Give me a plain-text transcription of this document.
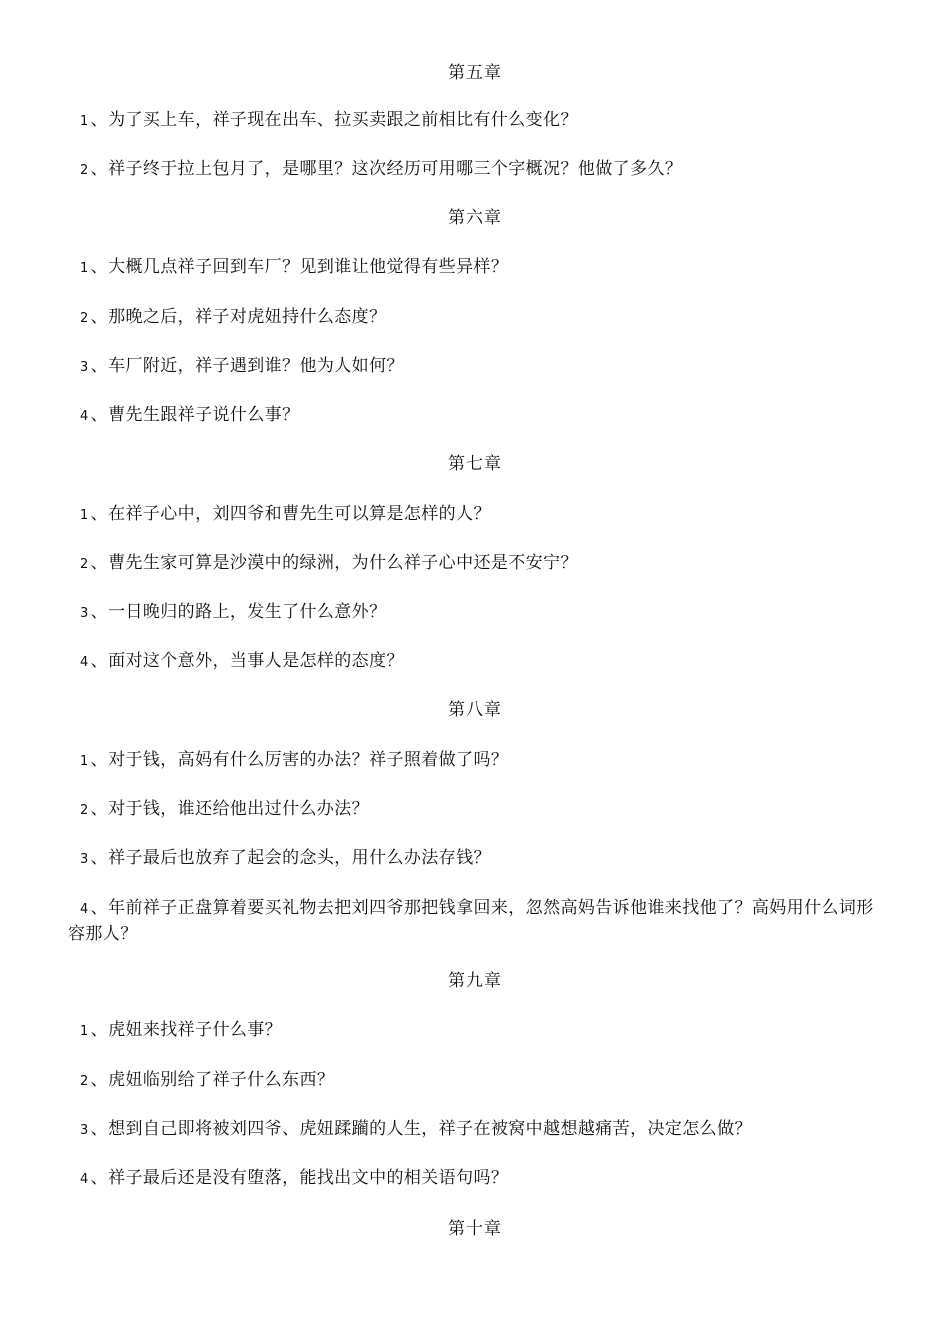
第五章
1 、为了买上车，祥子现在出车、拉买卖跟之前相比有什么变化？
2 、祥子终于拉上包月了，是哪里？这次经历可用哪三个字概况？他做了多久？
第六章
1 、大概几点祥子回到车厂？见到谁让他觉得有些异样？
2 、那晚之后，祥子对虎妞持什么态度？
3 、车厂附近，祥子遇到谁？他为人如何？
4 、曹先生跟祥子说什么事？
第七章
1 、在祥子心中，刘四爷和曹先生可以算是怎样的人？
2 、曹先生家可算是沙漠中的绿洲，为什么祥子心中还是不安宁？
3 、一日晚归的路上，发生了什么意外？
4 、面对这个意外，当事人是怎样的态度？
第八章
1 、对于钱，高妈有什么厉害的办法？祥子照着做了吗？
2 、对于钱，谁还给他出过什么办法？
3 、祥子最后也放弃了起会的念头，用什么办法存钱？
4 、年前祥子正盘算着要买礼物去把刘四爷那把钱拿回来，忽然高妈告诉他谁来找他了？高妈用什么词形容那人？
第九章
1 、虎妞来找祥子什么事？
2 、虎妞临别给了祥子什么东西？
3 、想到自己即将被刘四爷、虎妞蹂躏的人生，祥子在被窝中越想越痛苦，决定怎么做？
4 、祥子最后还是没有堕落，能找出文中的相关语句吗？
第十章
